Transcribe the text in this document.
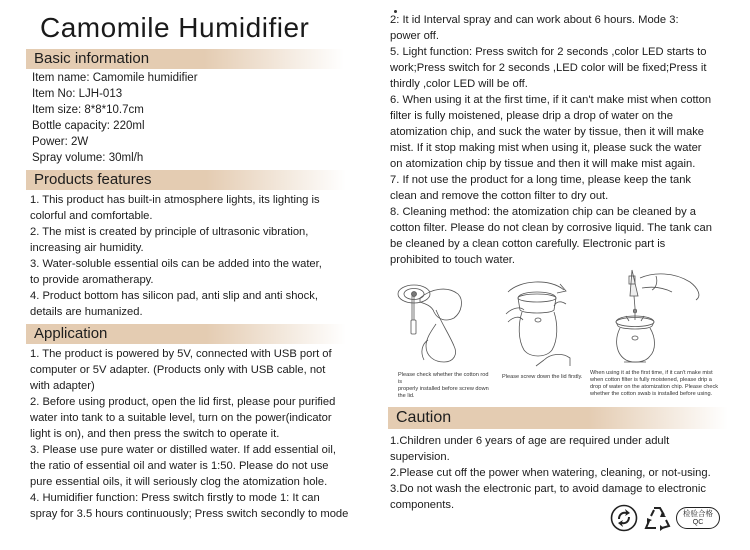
Camomile Humidifier
Basic information

Item name: Camomile humidifier

Item No: LJH-013

Item size: 8*8*10.7cm

Bottle capacity: 220ml

Power: 2W

Spray volume: 30ml/h

Products features

1. This product has built-in atmosphere lights, its lighting is

colorful and comfortable.

2. The mist is created by principle of ultrasonic vibration,

increasing air humidity.

3. Water-soluble essential oils can be added into the water,

to provide aromatherapy.

4. Product bottom has silicon pad, anti slip and anti shock,

details are humanized.

Application

1. The product is powered by 5V, connected with USB port of

computer or 5V adapter. (Products only with USB cable, not

with adapter)

2. Before using product, open the lid first, please pour purified

water into tank to a suitable level, turn on the power(indicator

light is on), and then press the switch to operate it.

3. Please use pure water or distilled water. If add essential oil,

the ratio of essential oil and water is 1:50. Please do not use

pure essential oils, it will seriously clog the atomization hole.

4. Humidifier function: Press switch firstly to mode 1: It can

spray for 3.5 hours continuously; Press switch secondly to mode

2: It id Interval spray and can work about 6 hours. Mode 3:

power off.

5. Light function: Press switch for 2 seconds ,color LED starts to

work;Press switch for 2 seconds ,LED color will be fixed;Press it

thirdly ,color LED will be off.

6. When using it at the first time, if it can't make mist when cotton

filter is fully moistened, please drip a drop of water on the

atomization chip, and suck the water by tissue, then it will make

mist. If it stop making mist when using it, please suck the water

on atomization chip by tissue and then it will make mist again.

7. If not use the product for a long time, please keep the tank

clean and remove the cotton filter to dry out.

8. Cleaning method: the atomization chip can be cleaned by a

cotton filter. Please do not clean by corrosive liquid. The tank can

be cleaned by a clean cotton carefully. Electronic part is

prohibited to touch water.

Please check whether the cotton rod is
properly installed before screw down
the lid.
Please screw down the lid firstly.
When using it at the first time, if it can't make mist
when cotton filter is fully moistened, please drip a
drop of water on the atomization chip. Please check
whether the cotton swab is installed before using.
Caution

1.Children under 6 years of age are required under adult

supervision.

2.Please cut off the power when watering, cleaning, or not-using.

3.Do not wash the electronic part, to avoid damage to electronic

components.

检验合格
QC
